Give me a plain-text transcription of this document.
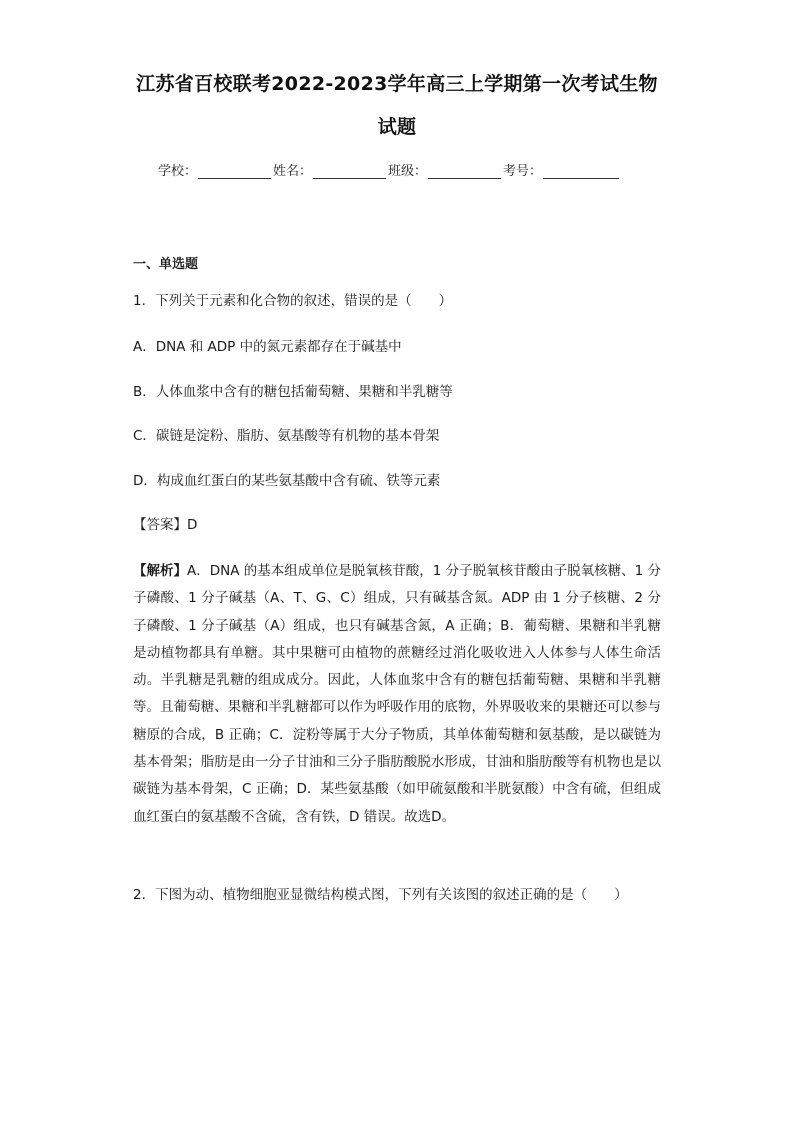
江苏省百校联考2022-2023学年高三上学期第一次考试生物
试题
学校：	姓名：	班级：	考号：
一、单选题
1．下列关于元素和化合物的叙述，错误的是（　　）
A．DNA 和 ADP 中的氮元素都存在于碱基中
B．人体血浆中含有的糖包括葡萄糖、果糖和半乳糖等
C．碳链是淀粉、脂肪、氨基酸等有机物的基本骨架
D．构成血红蛋白的某些氨基酸中含有硫、铁等元素
【答案】D
【解析】A．DNA 的基本组成单位是脱氧核苷酸，1 分子脱氧核苷酸由子脱氧核糖、1 分子磷酸、1 分子碱基（A、T、G、C）组成，只有碱基含氮。ADP 由 1 分子核糖、2 分子磷酸、1 分子碱基（A）组成，也只有碱基含氮，A 正确；B．葡萄糖、果糖和半乳糖是动植物都具有单糖。其中果糖可由植物的蔗糖经过消化吸收进入人体参与人体生命活动。半乳糖是乳糖的组成成分。因此，人体血浆中含有的糖包括葡萄糖、果糖和半乳糖等。且葡萄糖、果糖和半乳糖都可以作为呼吸作用的底物，外界吸收来的果糖还可以参与糖原的合成，B 正确；C．淀粉等属于大分子物质，其单体葡萄糖和氨基酸，是以碳链为基本骨架；脂肪是由一分子甘油和三分子脂肪酸脱水形成，甘油和脂肪酸等有机物也是以碳链为基本骨架，C 正确；D．某些氨基酸（如甲硫氨酸和半胱氨酸）中含有硫，但组成血红蛋白的氨基酸不含硫，含有铁，D 错误。故选D。
2．下图为动、植物细胞亚显微结构模式图，下列有关该图的叙述正确的是（　　）
